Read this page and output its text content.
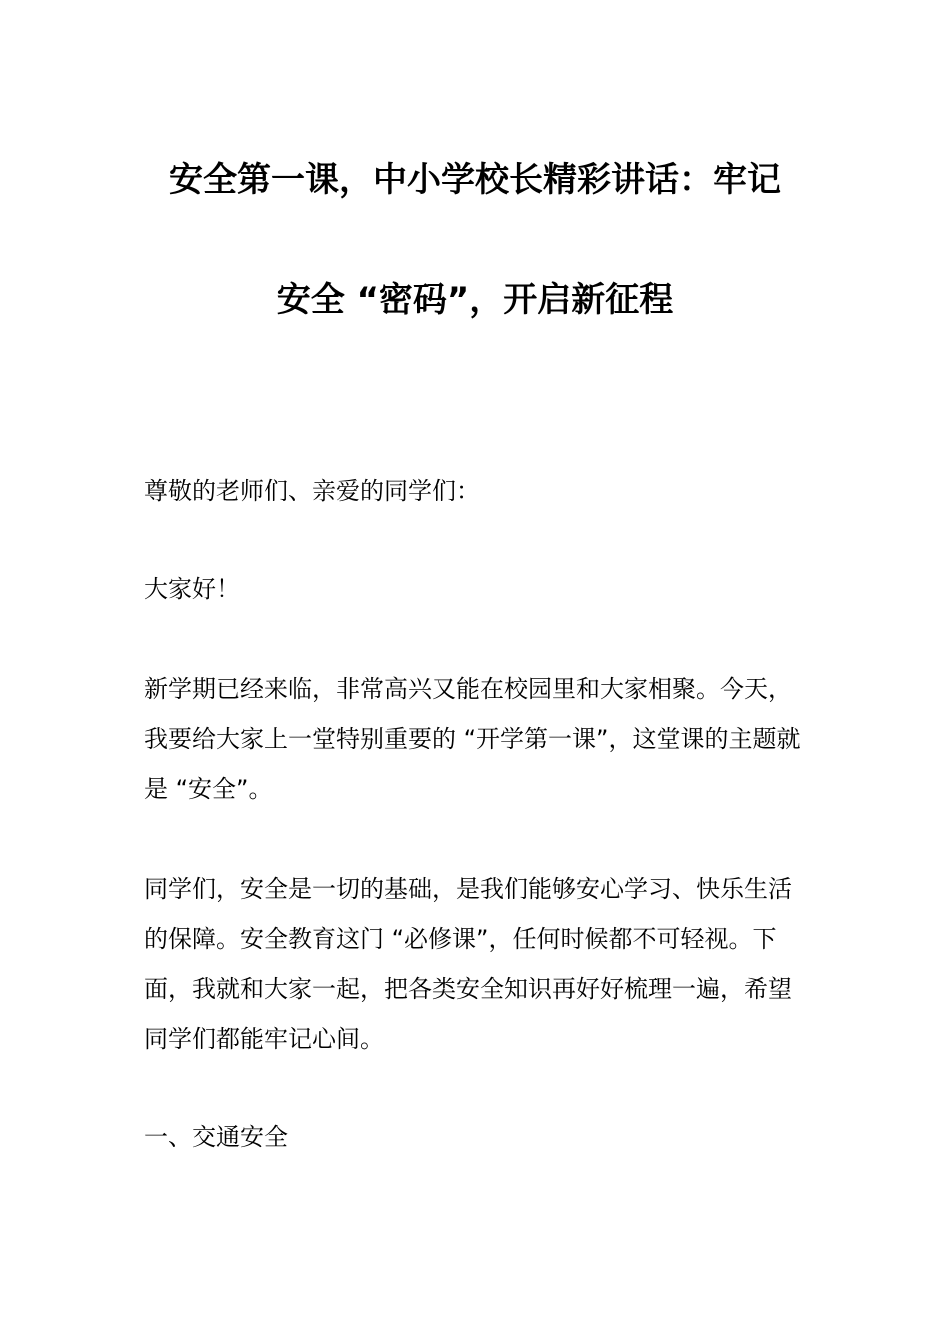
安全第一课，中小学校长精彩讲话：牢记
安全 “密码”，开启新征程

尊敬的老师们、亲爱的同学们：

大家好！

新学期已经来临，非常高兴又能在校园里和大家相聚。今天，我要给大家上一堂特别重要的 “开学第一课”，这堂课的主题就是 “安全”。

同学们，安全是一切的基础，是我们能够安心学习、快乐生活的保障。安全教育这门 “必修课”，任何时候都不可轻视。下面，我就和大家一起，把各类安全知识再好好梳理一遍，希望同学们都能牢记心间。

一、交通安全
